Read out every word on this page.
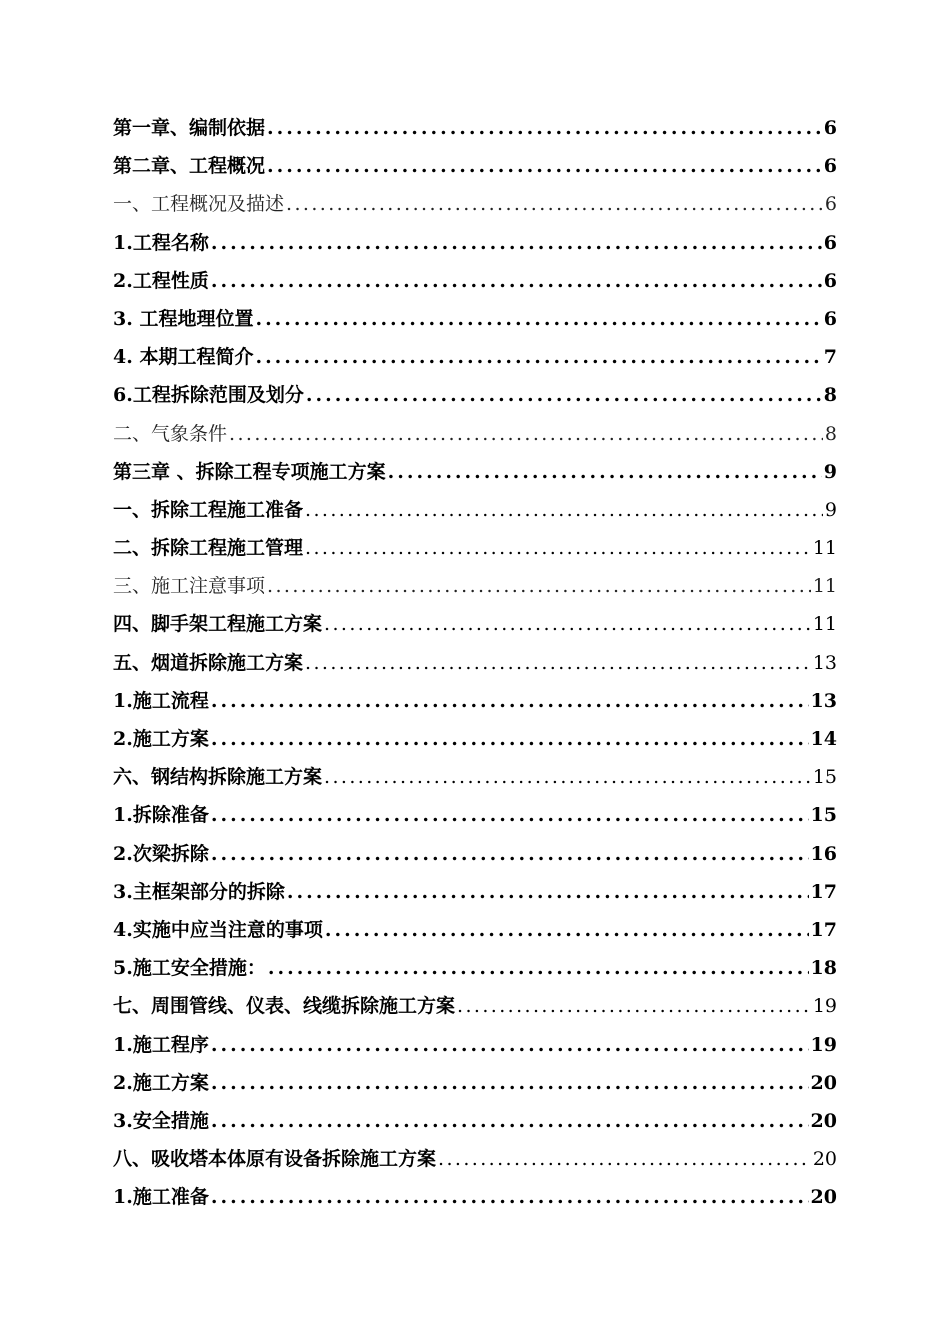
第一章、编制依据 .....	6
第二章、工程概况 .....	6
一、工程概况及描述 .....	6
1.工程名称 .....	6
2.工程性质 .....	6
3. 工程地理位置 .....	6
4. 本期工程简介 .....	7
6.工程拆除范围及划分 .....	8
二、气象条件 .....	8
第三章 、拆除工程专项施工方案 .....	9
一、拆除工程施工准备 .....	9
二、拆除工程施工管理 .....	11
三、施工注意事项 .....	11
四、脚手架工程施工方案 .....	11
五、烟道拆除施工方案 .....	13
1.施工流程 .....	13
2.施工方案 .....	14
六、钢结构拆除施工方案 .....	15
1.拆除准备 .....	15
2.次梁拆除 .....	16
3.主框架部分的拆除 .....	17
4.实施中应当注意的事项 .....	17
5.施工安全措施： .....	18
七、周围管线、仪表、线缆拆除施工方案 .....	19
1.施工程序 .....	19
2.施工方案 .....	20
3.安全措施 .....	20
八、吸收塔本体原有设备拆除施工方案 .....	20
1.施工准备 .....	20
